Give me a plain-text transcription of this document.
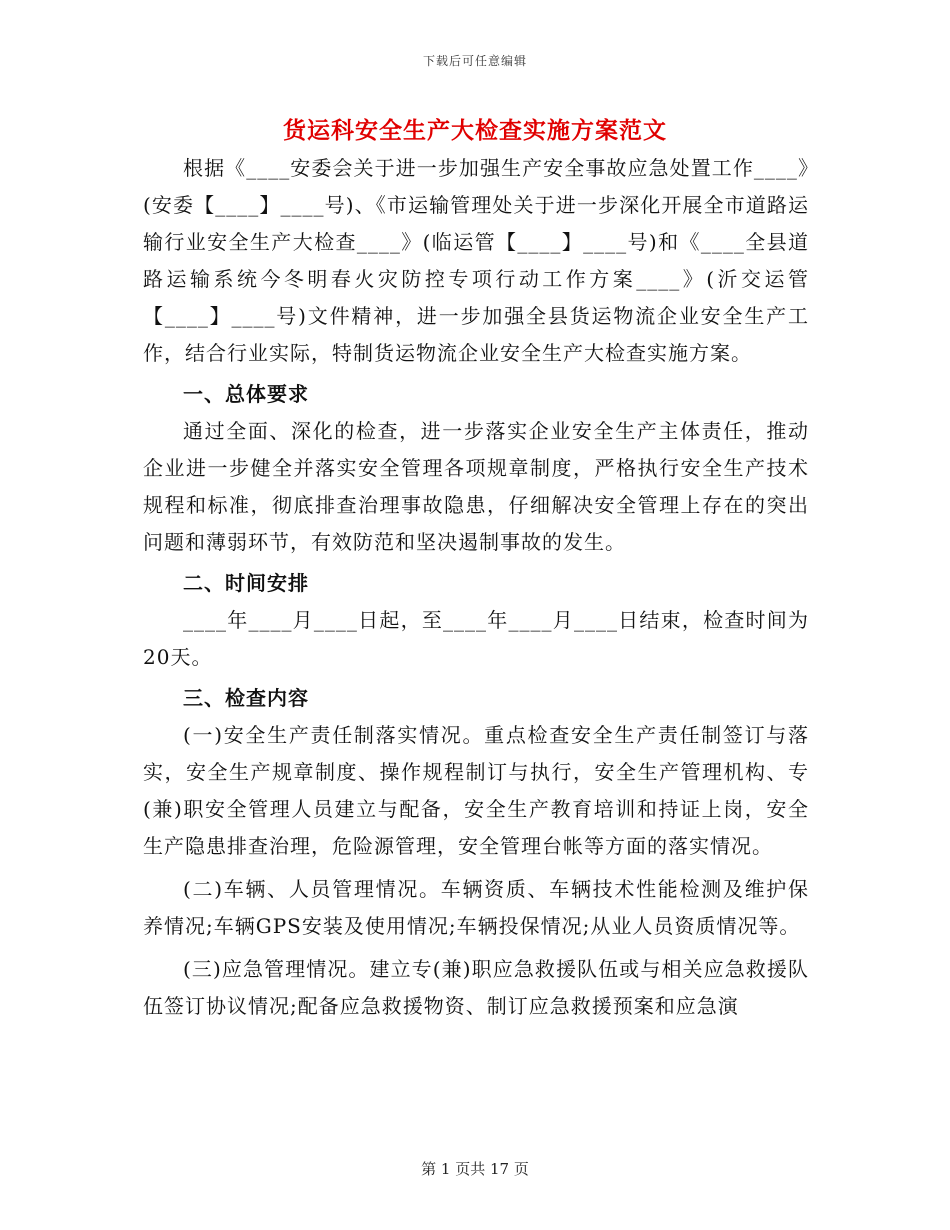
下载后可任意编辑
货运科安全生产大检查实施方案范文

根据《____安委会关于进一步加强生产安全事故应急处置工作____》(安委【____】____号)、《市运输管理处关于进一步深化开展全市道路运输行业安全生产大检查____》(临运管【____】____号)和《____全县道路运输系统今冬明春火灾防控专项行动工作方案____》(沂交运管【____】____号)文件精神，进一步加强全县货运物流企业安全生产工作，结合行业实际，特制货运物流企业安全生产大检查实施方案。

一、总体要求

通过全面、深化的检查，进一步落实企业安全生产主体责任，推动企业进一步健全并落实安全管理各项规章制度，严格执行安全生产技术规程和标准，彻底排查治理事故隐患，仔细解决安全管理上存在的突出问题和薄弱环节，有效防范和坚决遏制事故的发生。

二、时间安排

____年____月____日起，至____年____月____日结束，检查时间为20天。

三、检查内容

(一)安全生产责任制落实情况。重点检查安全生产责任制签订与落实，安全生产规章制度、操作规程制订与执行，安全生产管理机构、专(兼)职安全管理人员建立与配备，安全生产教育培训和持证上岗，安全生产隐患排查治理，危险源管理，安全管理台帐等方面的落实情况。

(二)车辆、人员管理情况。车辆资质、车辆技术性能检测及维护保养情况;车辆GPS安装及使用情况;车辆投保情况;从业人员资质情况等。

(三)应急管理情况。建立专(兼)职应急救援队伍或与相关应急救援队伍签订协议情况;配备应急救援物资、制订应急救援预案和应急演

第 1 页共 17 页
